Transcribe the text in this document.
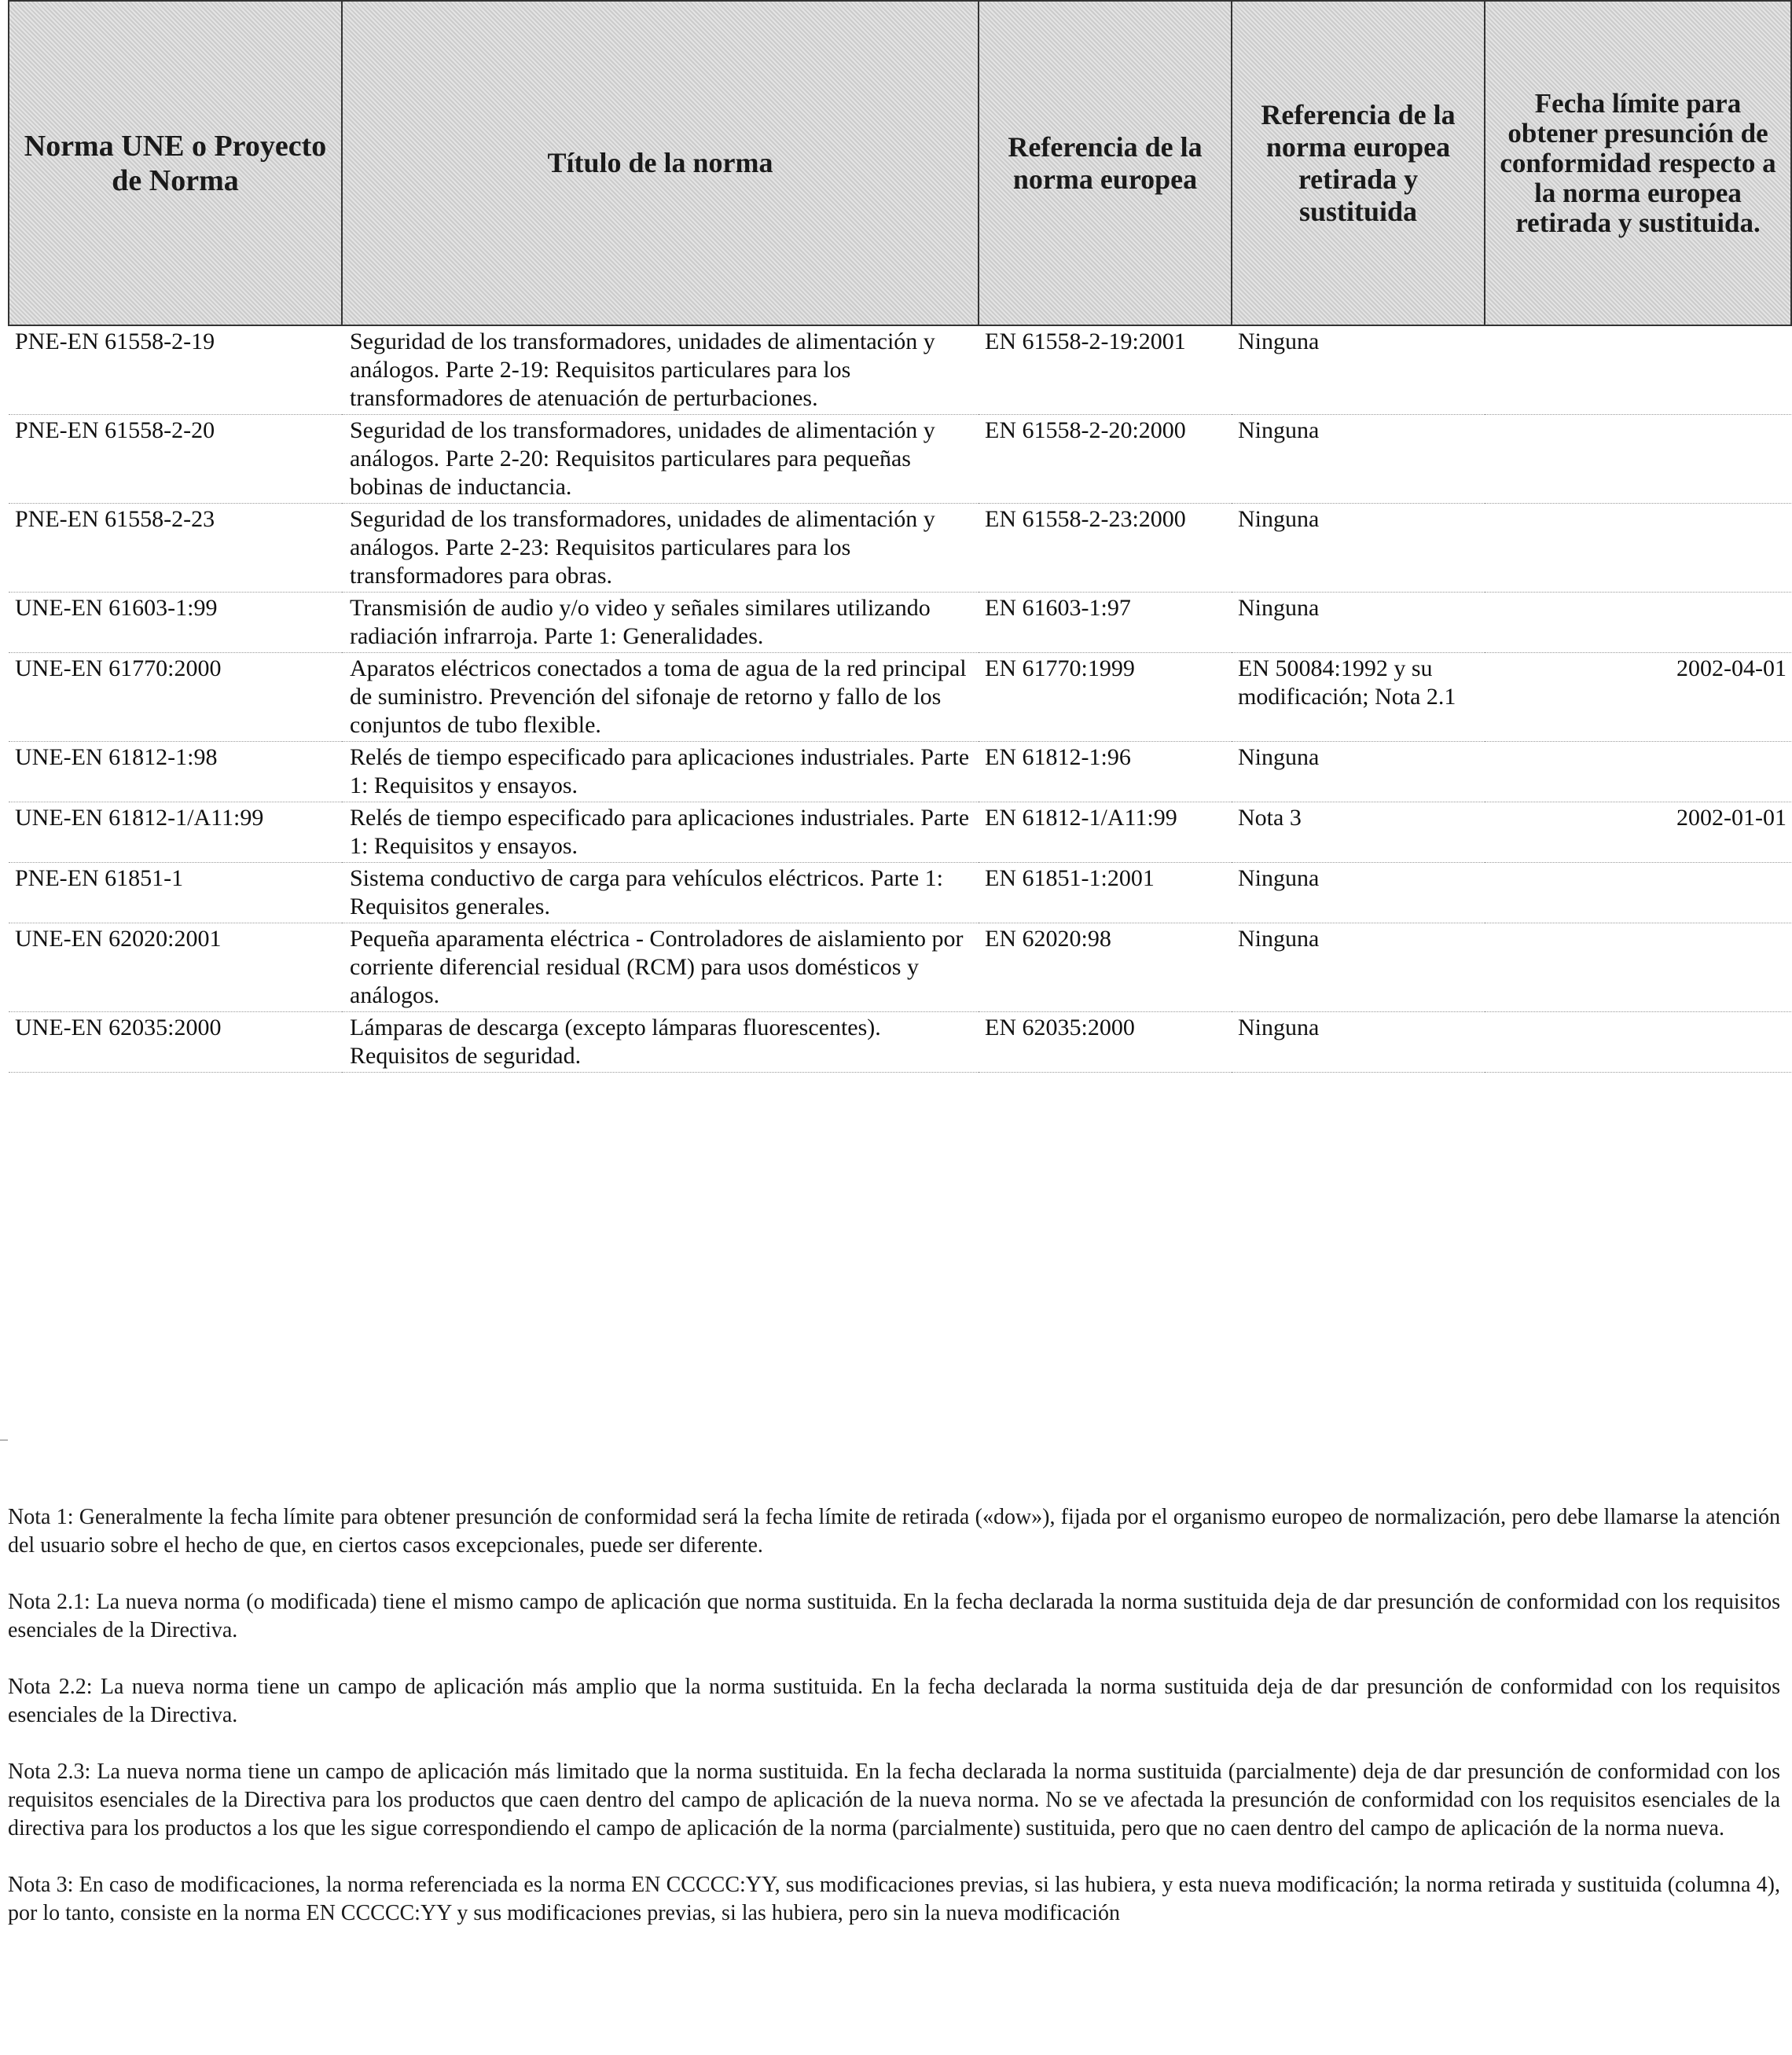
Norma UNE o Proyecto de Norma	Título de la norma	Referencia de la norma europea	Referencia de la norma europea retirada y sustituida	Fecha límite para obtener presunción de conformidad respecto a la norma europea retirada y sustituida.
PNE-EN 61558-2-19	Seguridad de los transformadores, unidades de alimentación y análogos. Parte 2-19: Requisitos particulares para los transformadores de atenuación de perturbaciones.	EN 61558-2-19:2001	Ninguna	
PNE-EN 61558-2-20	Seguridad de los transformadores, unidades de alimentación y análogos. Parte 2-20: Requisitos particulares para pequeñas bobinas de inductancia.	EN 61558-2-20:2000	Ninguna	
PNE-EN 61558-2-23	Seguridad de los transformadores, unidades de alimentación y análogos. Parte 2-23: Requisitos particulares para los transformadores para obras.	EN 61558-2-23:2000	Ninguna	
UNE-EN 61603-1:99	Transmisión de audio y/o video y señales similares utilizando radiación infrarroja. Parte 1: Generalidades.	EN 61603-1:97	Ninguna	
UNE-EN 61770:2000	Aparatos eléctricos conectados a toma de agua de la red principal de suministro. Prevención del sifonaje de retorno y fallo de los conjuntos de tubo flexible.	EN 61770:1999	EN 50084:1992 y su modificación; Nota 2.1	2002-04-01
UNE-EN 61812-1:98	Relés de tiempo especificado para aplicaciones industriales. Parte 1: Requisitos y ensayos.	EN 61812-1:96	Ninguna	
UNE-EN 61812-1/A11:99	Relés de tiempo especificado para aplicaciones industriales. Parte 1: Requisitos y ensayos.	EN 61812-1/A11:99	Nota 3	2002-01-01
PNE-EN 61851-1	Sistema conductivo de carga para vehículos eléctricos. Parte 1: Requisitos generales.	EN 61851-1:2001	Ninguna	
UNE-EN 62020:2001	Pequeña aparamenta eléctrica - Controladores de aislamiento por corriente diferencial residual (RCM) para usos domésticos y análogos.	EN 62020:98	Ninguna	
UNE-EN 62035:2000	Lámparas de descarga (excepto lámparas fluorescentes). Requisitos de seguridad.	EN 62035:2000	Ninguna	

Nota 1: Generalmente la fecha límite para obtener presunción de conformidad será la fecha límite de retirada («dow»), fijada por el organismo europeo de normalización, pero debe llamarse la atención del usuario sobre el hecho de que, en ciertos casos excepcionales, puede ser diferente.

Nota 2.1: La nueva norma (o modificada) tiene el mismo campo de aplicación que norma sustituida. En la fecha declarada la norma sustituida deja de dar presunción de conformidad con los requisitos esenciales de la Directiva.

Nota 2.2: La nueva norma tiene un campo de aplicación más amplio que la norma sustituida. En la fecha declarada la norma sustituida deja de dar presunción de conformidad con los requisitos esenciales de la Directiva.

Nota 2.3: La nueva norma tiene un campo de aplicación más limitado que la norma sustituida. En la fecha declarada la norma sustituida (parcialmente) deja de dar presunción de conformidad con los requisitos esenciales de la Directiva para los productos que caen dentro del campo de aplicación de la nueva norma. No se ve afectada la presunción de conformidad con los requisitos esenciales de la directiva para los productos a los que les sigue correspondiendo el campo de aplicación de la norma (parcialmente) sustituida, pero que no caen dentro del campo de aplicación de la norma nueva.

Nota 3: En caso de modificaciones, la norma referenciada es la norma EN CCCCC:YY, sus modificaciones previas, si las hubiera, y esta nueva modificación; la norma retirada y sustituida (columna 4), por lo tanto, consiste en la norma EN CCCCC:YY y sus modificaciones previas, si las hubiera, pero sin la nueva modificación
